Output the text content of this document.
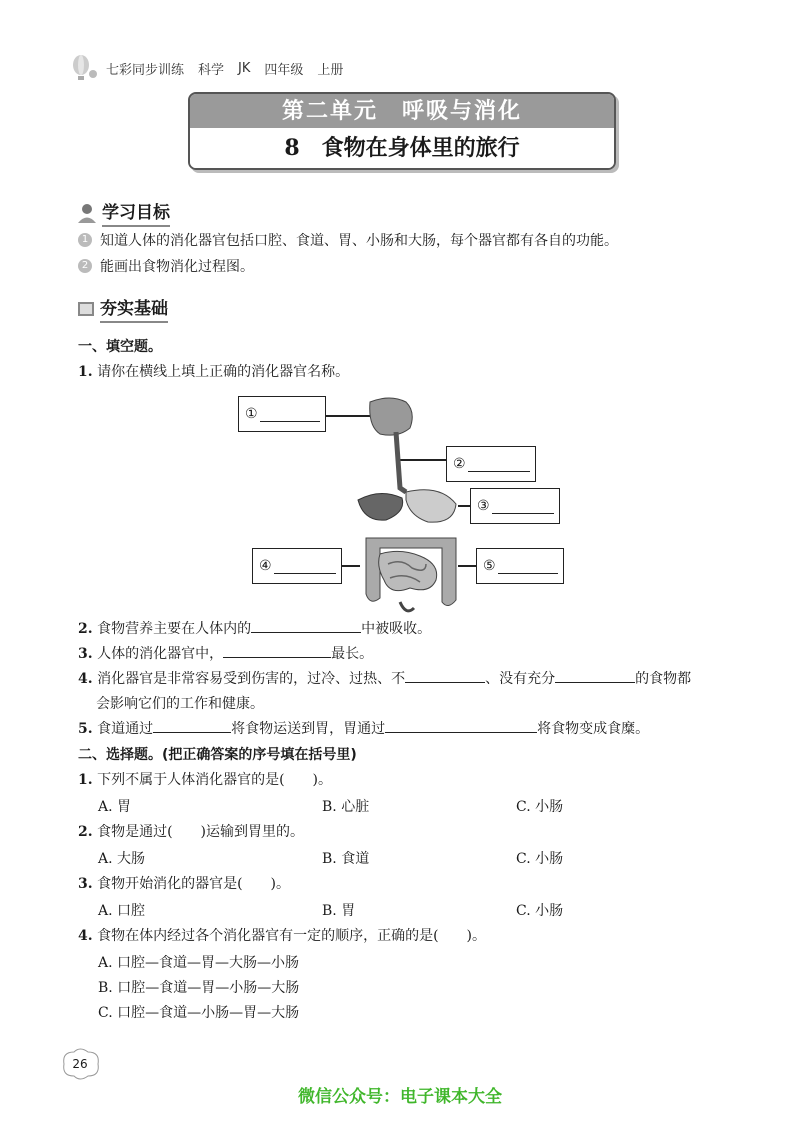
七彩同步训练 科学 JK 四年级 上册
第二单元　呼吸与消化
8　食物在身体里的旅行
学习目标
1 知道人体的消化器官包括口腔、食道、胃、小肠和大肠，每个器官都有各自的功能。
2 能画出食物消化过程图。
夯实基础
一、填空题。
1. 请你在横线上填上正确的消化器官名称。
①
②
③
④	⑤
2. 食物营养主要在人体内的	中被吸收。
3. 人体的消化器官中，	最长。
4. 消化器官是非常容易受到伤害的，过冷、过热、不	、没有充分	的食物都
会影响它们的工作和健康。
5. 食道通过	将食物运送到胃，胃通过	将食物变成食糜。
二、选择题。(把正确答案的序号填在括号里)
1. 下列不属于人体消化器官的是(　　)。
A. 胃	B. 心脏	C. 小肠
2. 食物是通过(　　)运输到胃里的。
A. 大肠	B. 食道	C. 小肠
3. 食物开始消化的器官是(　　)。
A. 口腔	B. 胃	C. 小肠
4. 食物在体内经过各个消化器官有一定的顺序，正确的是(　　)。
A. 口腔—食道—胃—大肠—小肠
B. 口腔—食道—胃—小肠—大肠
C. 口腔—食道—小肠—胃—大肠
26
微信公众号：电子课本大全
